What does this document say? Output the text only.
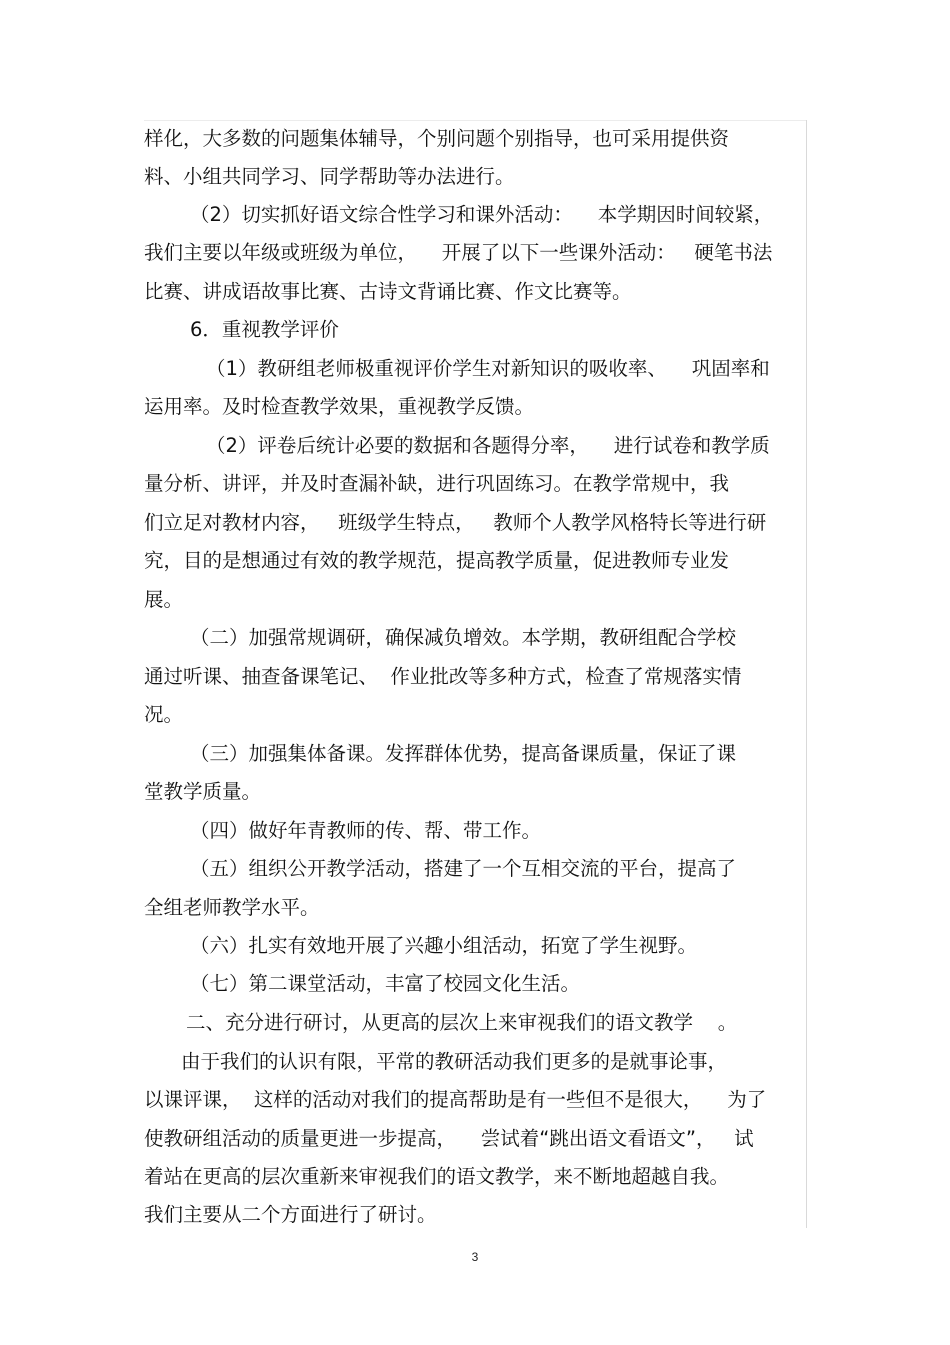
样化，大多数的问题集体辅导，个别问题个别指导，也可采用提供资
料、小组共同学习、同学帮助等办法进行。
（2）切实抓好语文综合性学习和课外活动：    本学期因时间较紧，
我们主要以年级或班级为单位，    开展了以下一些课外活动：   硬笔书法
比赛、讲成语故事比赛、古诗文背诵比赛、作文比赛等。
6．重视教学评价
（1）教研组老师极重视评价学生对新知识的吸收率、    巩固率和
运用率。及时检查教学效果，重视教学反馈。
（2）评卷后统计必要的数据和各题得分率，    进行试卷和教学质
量分析、讲评，并及时查漏补缺，进行巩固练习。在教学常规中，我
们立足对教材内容，   班级学生特点，   教师个人教学风格特长等进行研
究，目的是想通过有效的教学规范，提高教学质量，促进教师专业发
展。
（二）加强常规调研，确保减负增效。本学期，教研组配合学校
通过听课、抽查备课笔记、  作业批改等多种方式，检查了常规落实情
况。
（三）加强集体备课。发挥群体优势，提高备课质量，保证了课
堂教学质量。
（四）做好年青教师的传、帮、带工作。
（五）组织公开教学活动，搭建了一个互相交流的平台，提高了
全组老师教学水平。
（六）扎实有效地开展了兴趣小组活动，拓宽了学生视野。
（七）第二课堂活动，丰富了校园文化生活。
二、充分进行研讨，从更高的层次上来审视我们的语文教学    。
由于我们的认识有限，平常的教研活动我们更多的是就事论事，
以课评课，  这样的活动对我们的提高帮助是有一些但不是很大，    为了
使教研组活动的质量更进一步提高，    尝试着“跳出语文看语文”，   试
着站在更高的层次重新来审视我们的语文教学，来不断地超越自我。
我们主要从二个方面进行了研讨。
3
